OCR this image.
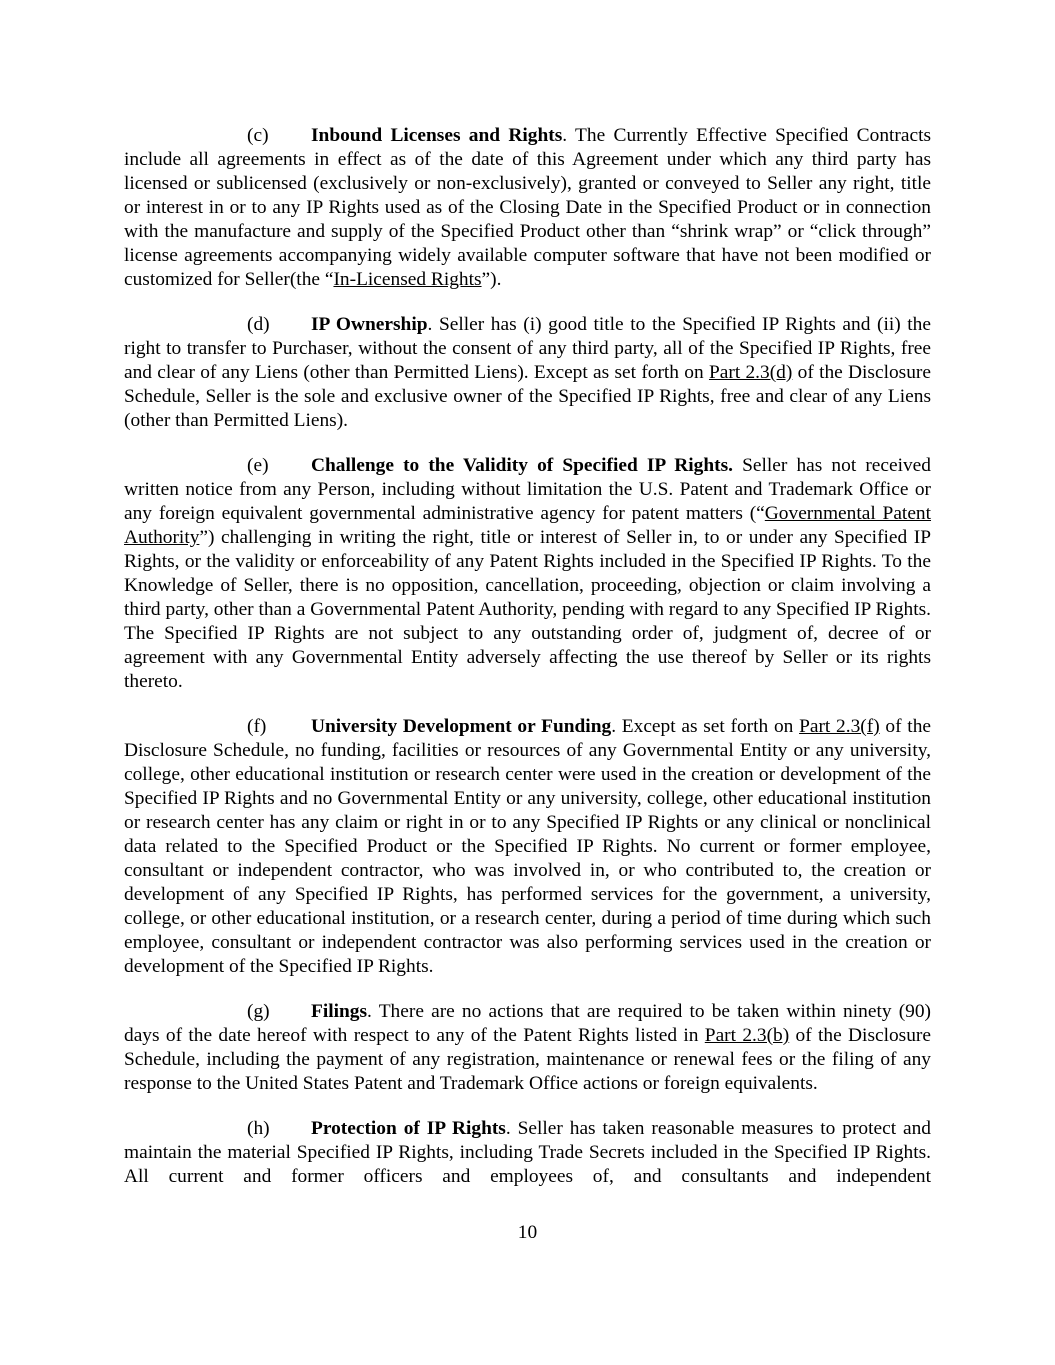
(c) Inbound Licenses and Rights. The Currently Effective Specified Contracts include all agreements in effect as of the date of this Agreement under which any third party has licensed or sublicensed (exclusively or non-exclusively), granted or conveyed to Seller any right, title or interest in or to any IP Rights used as of the Closing Date in the Specified Product or in connection with the manufacture and supply of the Specified Product other than “shrink wrap” or “click through” license agreements accompanying widely available computer software that have not been modified or customized for Seller(the “In-Licensed Rights”).

(d) IP Ownership. Seller has (i) good title to the Specified IP Rights and (ii) the right to transfer to Purchaser, without the consent of any third party, all of the Specified IP Rights, free and clear of any Liens (other than Permitted Liens). Except as set forth on Part 2.3(d) of the Disclosure Schedule, Seller is the sole and exclusive owner of the Specified IP Rights, free and clear of any Liens (other than Permitted Liens).

(e) Challenge to the Validity of Specified IP Rights. Seller has not received written notice from any Person, including without limitation the U.S. Patent and Trademark Office or any foreign equivalent governmental administrative agency for patent matters (“Governmental Patent Authority”) challenging in writing the right, title or interest of Seller in, to or under any Specified IP Rights, or the validity or enforceability of any Patent Rights included in the Specified IP Rights. To the Knowledge of Seller, there is no opposition, cancellation, proceeding, objection or claim involving a third party, other than a Governmental Patent Authority, pending with regard to any Specified IP Rights. The Specified IP Rights are not subject to any outstanding order of, judgment of, decree of or agreement with any Governmental Entity adversely affecting the use thereof by Seller or its rights thereto.

(f) University Development or Funding. Except as set forth on Part 2.3(f) of the Disclosure Schedule, no funding, facilities or resources of any Governmental Entity or any university, college, other educational institution or research center were used in the creation or development of the Specified IP Rights and no Governmental Entity or any university, college, other educational institution or research center has any claim or right in or to any Specified IP Rights or any clinical or nonclinical data related to the Specified Product or the Specified IP Rights. No current or former employee, consultant or independent contractor, who was involved in, or who contributed to, the creation or development of any Specified IP Rights, has performed services for the government, a university, college, or other educational institution, or a research center, during a period of time during which such employee, consultant or independent contractor was also performing services used in the creation or development of the Specified IP Rights.

(g) Filings. There are no actions that are required to be taken within ninety (90) days of the date hereof with respect to any of the Patent Rights listed in Part 2.3(b) of the Disclosure Schedule, including the payment of any registration, maintenance or renewal fees or the filing of any response to the United States Patent and Trademark Office actions or foreign equivalents.

(h) Protection of IP Rights. Seller has taken reasonable measures to protect and maintain the material Specified IP Rights, including Trade Secrets included in the Specified IP Rights. All current and former officers and employees of, and consultants and independent

10
